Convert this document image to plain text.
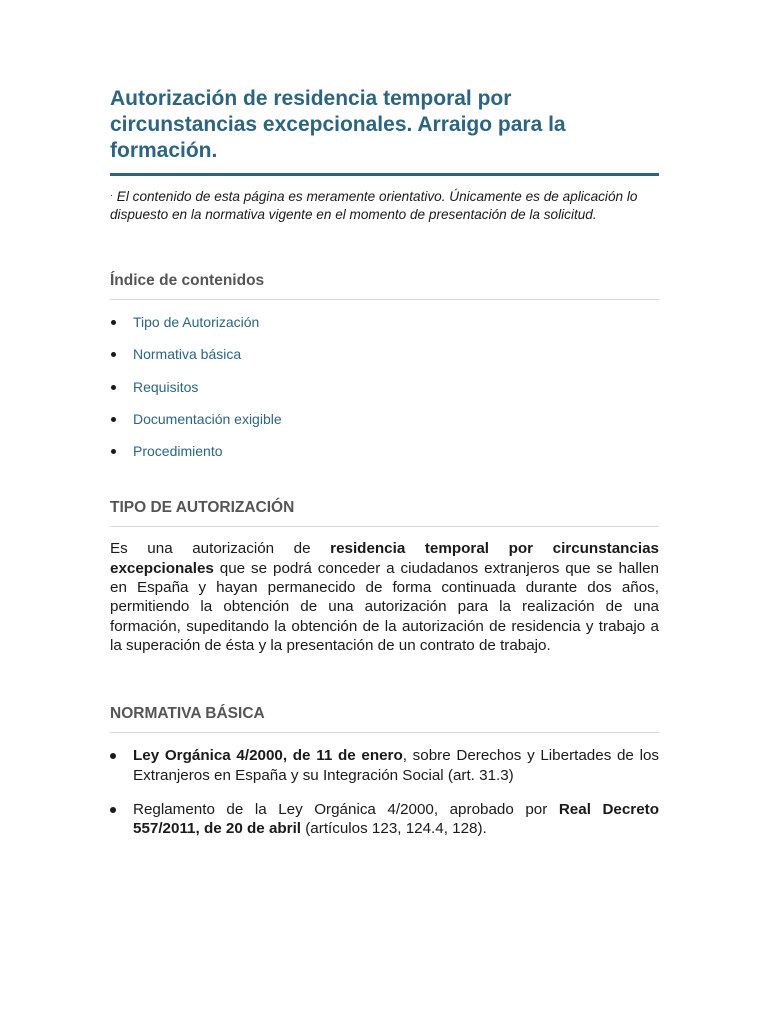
Autorización de residencia temporal por circunstancias excepcionales. Arraigo para la formación.
· El contenido de esta página es meramente orientativo. Únicamente es de aplicación lo dispuesto en la normativa vigente en el momento de presentación de la solicitud.
Índice de contenidos
Tipo de Autorización
Normativa básica
Requisitos
Documentación exigible
Procedimiento
TIPO DE AUTORIZACIÓN

Es una autorización de residencia temporal por circunstancias excepcionales que se podrá conceder a ciudadanos extranjeros que se hallen en España y hayan permanecido de forma continuada durante dos años, permitiendo la obtención de una autorización para la realización de una formación, supeditando la obtención de la autorización de residencia y trabajo a la superación de ésta y la presentación de un contrato de trabajo.

NORMATIVA BÁSICA
Ley Orgánica 4/2000, de 11 de enero, sobre Derechos y Libertades de los Extranjeros en España y su Integración Social (art. 31.3)
Reglamento de la Ley Orgánica 4/2000, aprobado por Real Decreto 557/2011, de 20 de abril (artículos 123, 124.4, 128).
